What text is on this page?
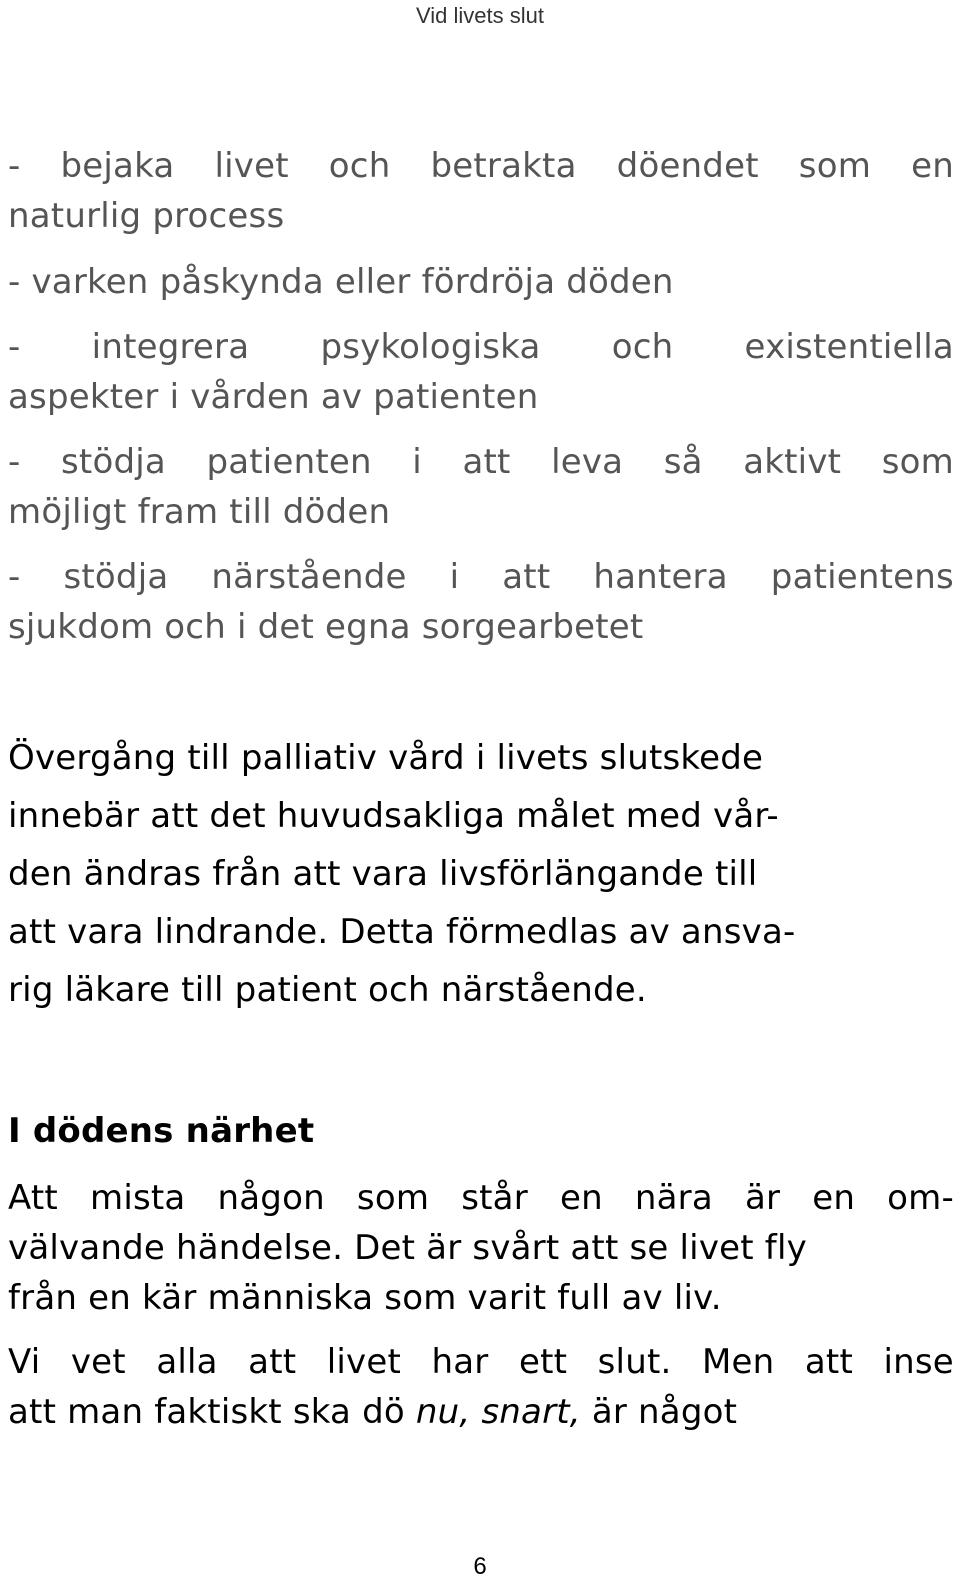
Vid livets slut
- bejaka livet och betrakta döendet som en
naturlig process
- varken påskynda eller fördröja döden
- integrera psykologiska och existentiella
aspekter i vården av patienten
- stödja patienten i att leva så aktivt som
möjligt fram till döden
- stödja närstående i att hantera patientens
sjukdom och i det egna sorgearbetet
Övergång till palliativ vård i livets slutskede
innebär att det huvudsakliga målet med vår-
den ändras från att vara livsförlängande till
att vara lindrande. Detta förmedlas av ansva-
rig läkare till patient och närstående.
I dödens närhet
Att mista någon som står en nära är en om-
välvande händelse. Det är svårt att se livet fly
från en kär människa som varit full av liv.
Vi vet alla att livet har ett slut. Men att inse
att man faktiskt ska dö nu, snart, är något
6
